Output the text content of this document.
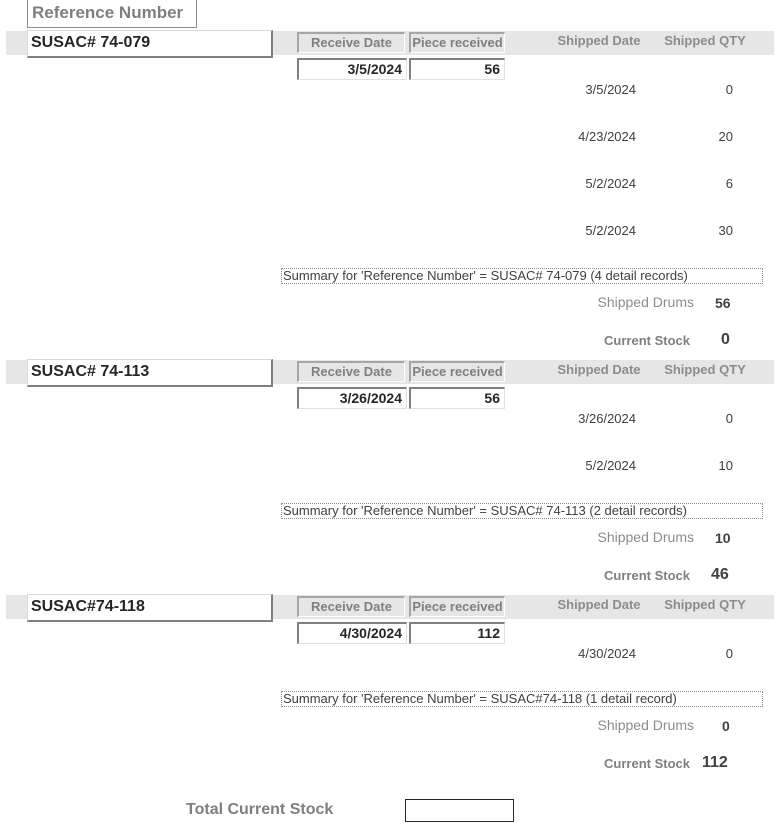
Reference Number
SUSAC# 74-079	Receive Date	Piece received	Shipped Date	Shipped QTY
3/5/2024	56
3/5/2024	0
4/23/2024	20
5/2/2024	6
5/2/2024	30
Summary for 'Reference Number' = SUSAC# 74-079 (4 detail records)
Shipped Drums 56
Current Stock 0
SUSAC# 74-113	Receive Date	Piece received	Shipped Date	Shipped QTY
3/26/2024	56
3/26/2024	0
5/2/2024	10
Summary for 'Reference Number' = SUSAC# 74-113 (2 detail records)
Shipped Drums 10
Current Stock 46
SUSAC#74-118	Receive Date	Piece received	Shipped Date	Shipped QTY
4/30/2024	112
4/30/2024	0
Summary for 'Reference Number' = SUSAC#74-118 (1 detail record)
Shipped Drums 0
Current Stock 112
Total Current Stock
